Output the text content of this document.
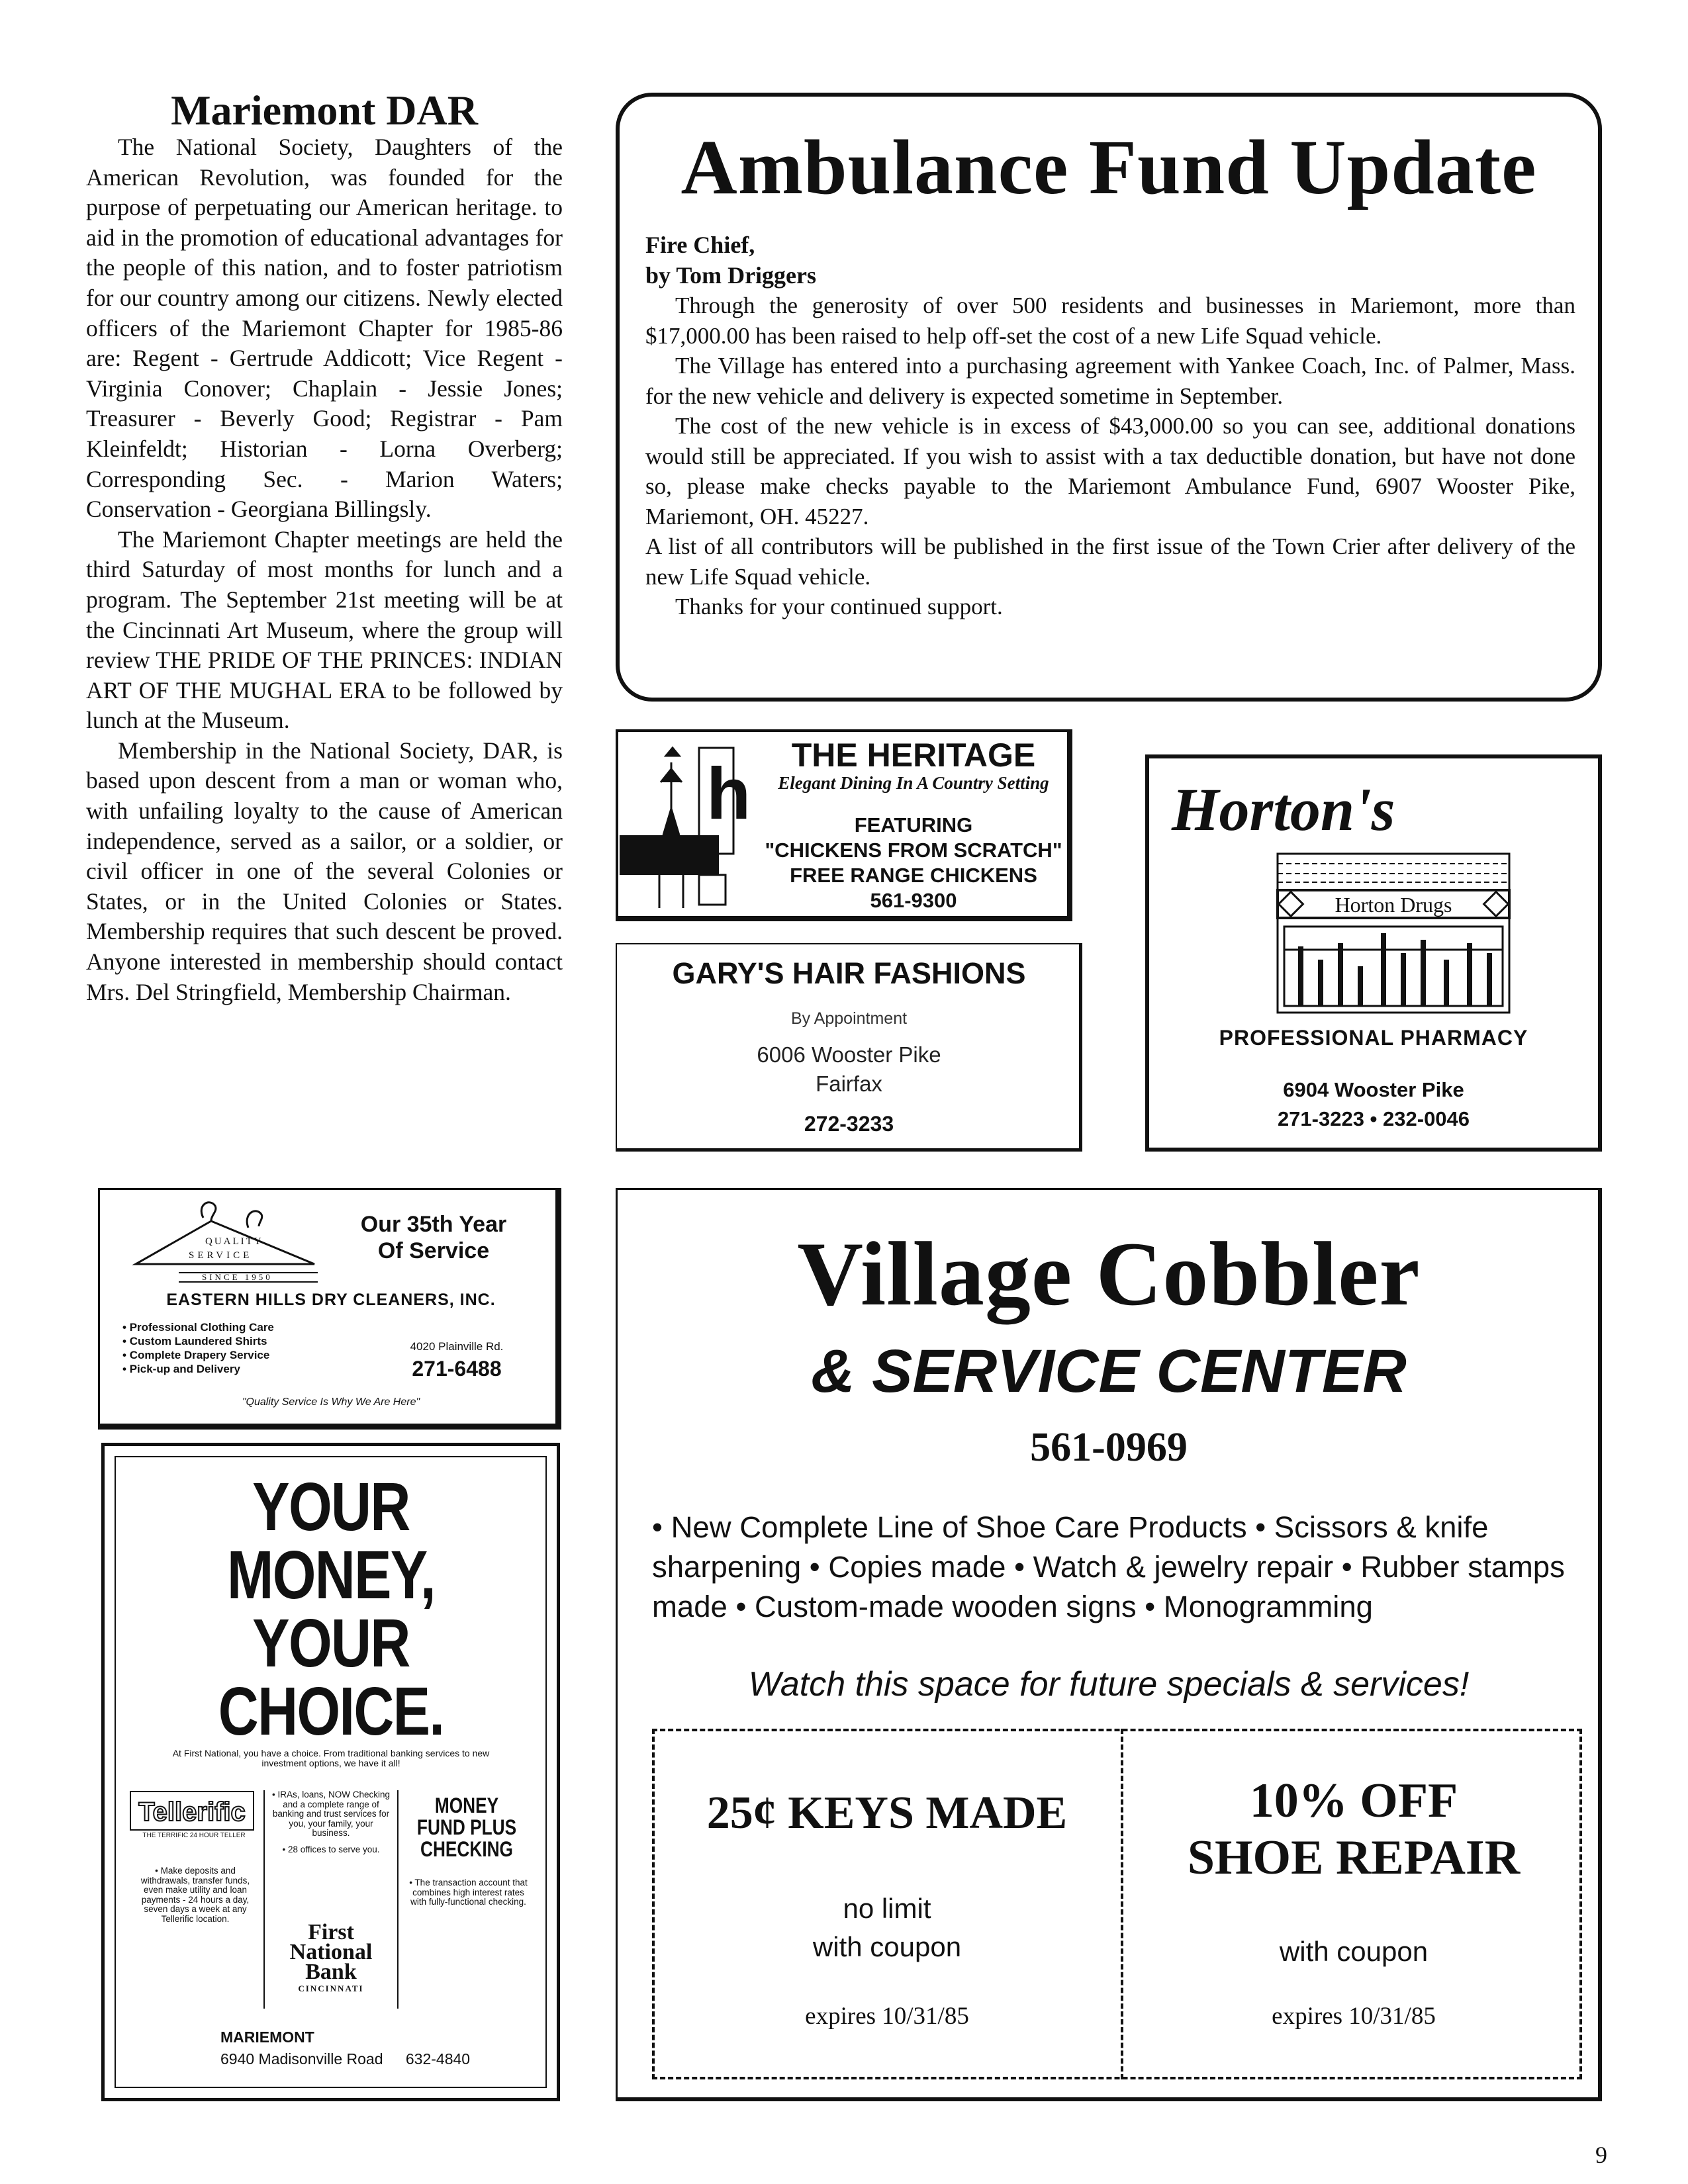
Mariemont DAR

The National Society, Daughters of the American Revolution, was founded for the purpose of perpetuating our American heritage. to aid in the promotion of educational advantages for the people of this nation, and to foster patriotism for our country among our citizens. Newly elected officers of the Mariemont Chapter for 1985-86 are: Regent - Gertrude Addicott; Vice Regent - Virginia Conover; Chaplain - Jessie Jones; Treasurer - Beverly Good; Registrar - Pam Kleinfeldt; Historian - Lorna Overberg; Corresponding Sec. - Marion Waters; Conservation - Georgiana Billingsly.

The Mariemont Chapter meetings are held the third Saturday of most months for lunch and a program. The September 21st meeting will be at the Cincinnati Art Museum, where the group will review THE PRIDE OF THE PRINCES: INDIAN ART OF THE MUGHAL ERA to be followed by lunch at the Museum.

Membership in the National Society, DAR, is based upon descent from a man or woman who, with unfailing loyalty to the cause of American independence, served as a sailor, or a soldier, or civil officer in one of the several Colonies or States, or in the United Colonies or States. Membership requires that such descent be proved. Anyone interested in membership should contact Mrs. Del Stringfield, Membership Chairman.

Ambulance Fund Update

Fire Chief,

by Tom Driggers

Through the generosity of over 500 residents and businesses in Mariemont, more than $17,000.00 has been raised to help off-set the cost of a new Life Squad vehicle.

The Village has entered into a purchasing agreement with Yankee Coach, Inc. of Palmer, Mass. for the new vehicle and delivery is expected sometime in September.

The cost of the new vehicle is in excess of $43,000.00 so you can see, additional donations would still be appreciated. If you wish to assist with a tax deductible donation, but have not done so, please make checks payable to the Mariemont Ambulance Fund, 6907 Wooster Pike, Mariemont, OH. 45227.

A list of all contributors will be published in the first issue of the Town Crier after delivery of the new Life Squad vehicle.

Thanks for your continued support.

h	THE HERITAGE
Elegant Dining In A Country Setting
FEATURING
"CHICKENS FROM SCRATCH"
FREE RANGE CHICKENS
561-9300
Horton's
Horton Drugs
PROFESSIONAL PHARMACY
6904 Wooster Pike
271-3223 • 232-0046
GARY'S HAIR FASHIONS
By Appointment
6006 Wooster Pike
Fairfax
272-3233
QUALITY
SERVICE
SINCE 1950
Our 35th Year
Of Service
EASTERN HILLS DRY CLEANERS, INC.
• Professional Clothing Care
• Custom Laundered Shirts
• Complete Drapery Service
• Pick-up and Delivery
4020 Plainville Rd.
271-6488
"Quality Service Is Why We Are Here"
YOUR
MONEY,
YOUR
CHOICE.
At First National, you have a choice. From traditional banking services to new investment options, we have it all!
Tellerific
THE TERRIFIC 24 HOUR TELLER
• Make deposits and withdrawals, transfer funds, even make utility and loan payments - 24 hours a day, seven days a week at any Tellerific location.
• IRAs, loans, NOW Checking and a complete range of banking and trust services for you, your family, your business.
• 28 offices to serve you.
First National Bank
CINCINNATI
MONEY FUND PLUS CHECKING
• The transaction account that combines high interest rates with fully-functional checking.
MARIEMONT
6940 Madisonville Road 632-4840
Village Cobbler
& SERVICE CENTER
561-0969
• New Complete Line of Shoe Care Products • Scissors & knife sharpening • Copies made • Watch & jewelry repair • Rubber stamps made • Custom-made wooden signs • Monogramming
Watch this space for future specials & services!
25¢ KEYS MADE
no limit
with coupon
expires 10/31/85
10% OFF
SHOE REPAIR
with coupon
expires 10/31/85
9
